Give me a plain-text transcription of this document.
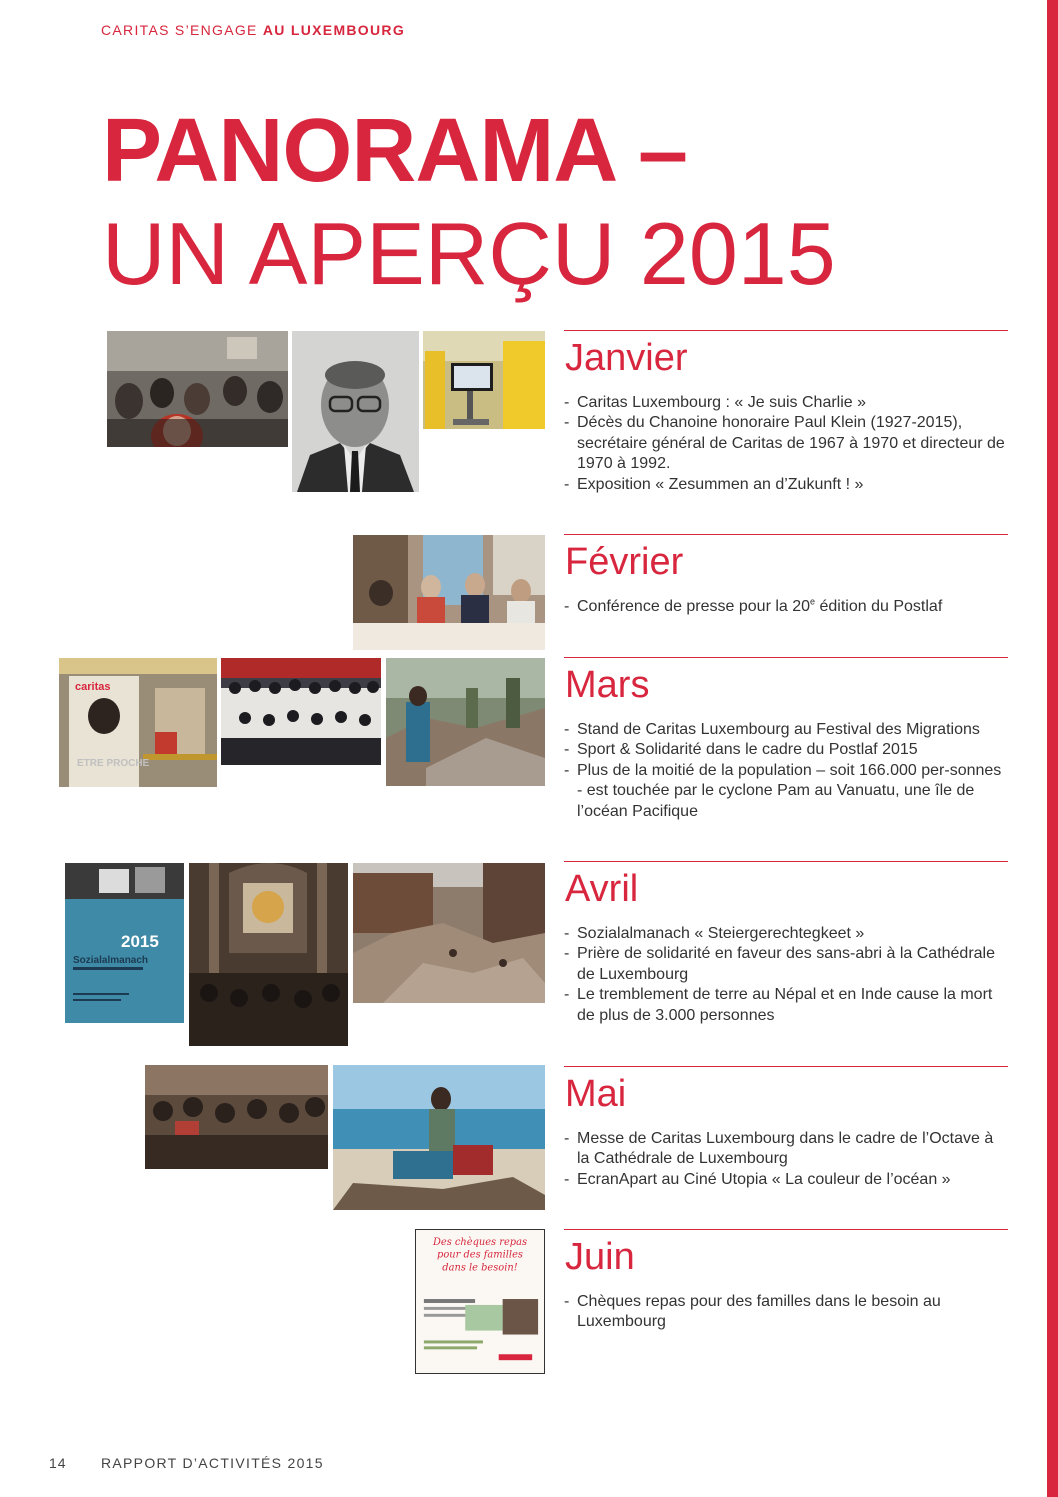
CARITAS S’ENGAGE AU LUXEMBOURG
PANORAMA –
UN APERÇU 2015
Janvier
- Caritas Luxembourg : « Je suis Charlie »
- Décès du Chanoine honoraire Paul Klein (1927-2015), secrétaire général de Caritas de 1967 à 1970 et directeur de 1970 à 1992.
- Exposition « Zesummen an d’Zukunft ! »
Février
- Conférence de presse pour la 20e édition du Postlaf
caritas
ETRE PROCHE
Mars
- Stand de Caritas Luxembourg au Festival des Migrations
- Sport & Solidarité dans le cadre du Postlaf 2015
- Plus de la moitié de la population – soit 166.000 per-sonnes - est touchée par le cyclone Pam au Vanuatu, une île de l’océan Pacifique
2015
Sozialalmanach
Avril
- Sozialalmanach « Steiergerechtegkeet »
- Prière de solidarité en faveur des sans-abri à la Cathédrale de Luxembourg
- Le tremblement de terre au Népal et en Inde cause la mort de plus de 3.000 personnes
Mai
- Messe de Caritas Luxembourg dans le cadre de l’Octave à la Cathédrale de Luxembourg
- EcranApart au Ciné Utopia « La couleur de l’océan »
Des chèques repas pour des familles dans le besoin!	Juin
- Chèques repas pour des familles dans le besoin au Luxembourg
14 RAPPORT D’ACTIVITÉS 2015
